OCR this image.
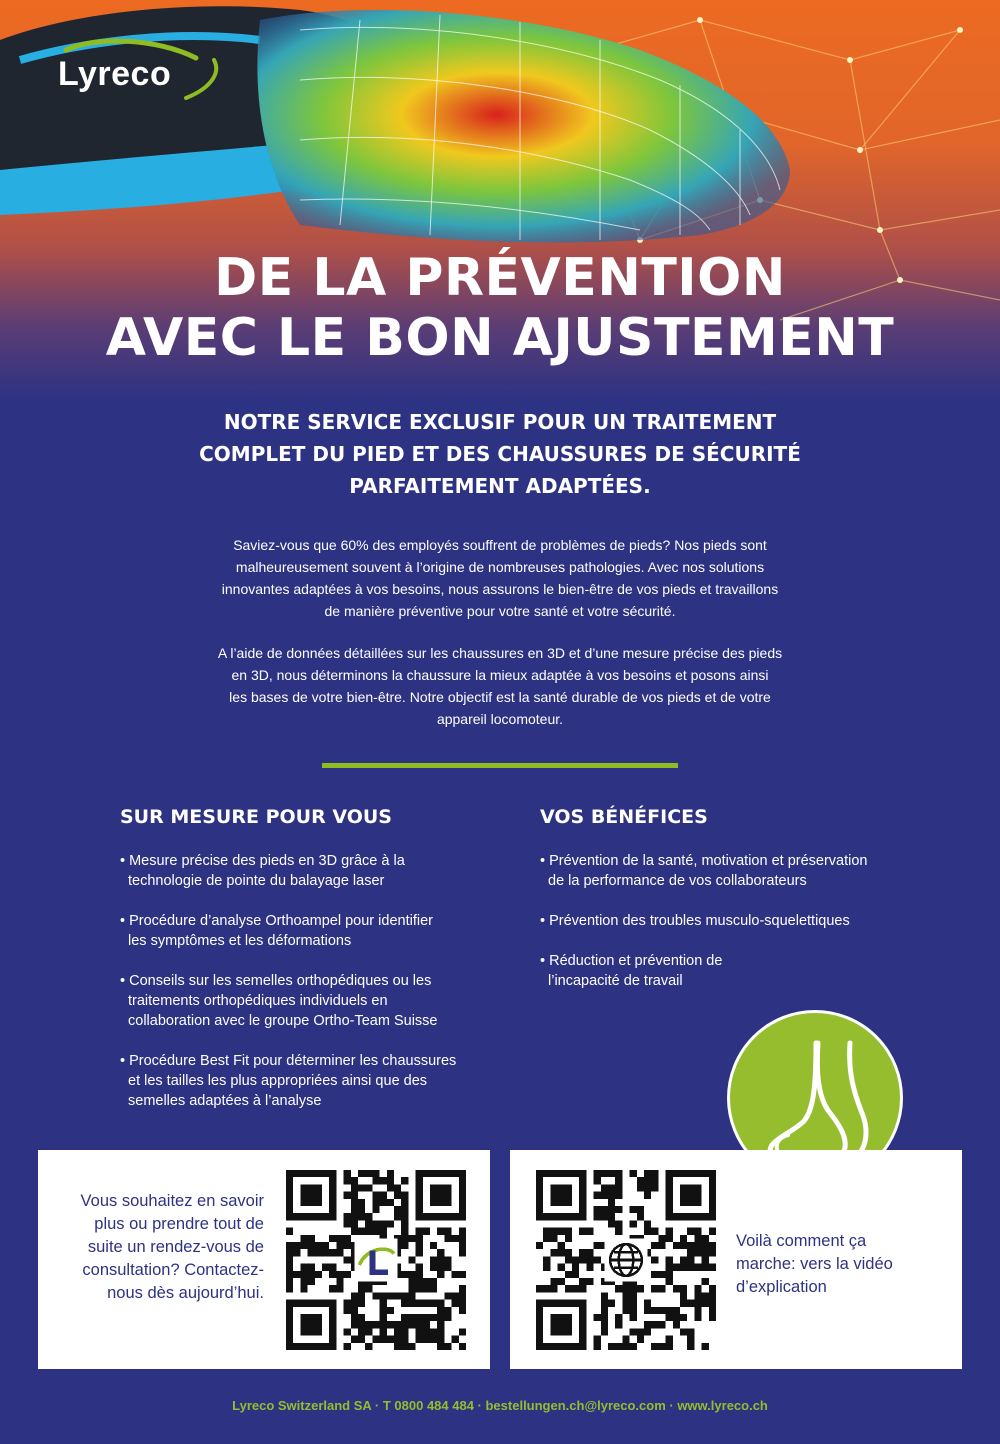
Lyreco
DE LA PRÉVENTION
AVEC LE BON AJUSTEMENT
NOTRE SERVICE EXCLUSIF POUR UN TRAITEMENT
COMPLET DU PIED ET DES CHAUSSURES DE SÉCURITÉ
PARFAITEMENT ADAPTÉES.
Saviez-vous que 60% des employés souffrent de problèmes de pieds? Nos pieds sont
malheureusement souvent à l’origine de nombreuses pathologies. Avec nos solutions
innovantes adaptées à vos besoins, nous assurons le bien-être de vos pieds et travaillons
de manière préventive pour votre santé et votre sécurité.
A l’aide de données détaillées sur les chaussures en 3D et d’une mesure précise des pieds
en 3D, nous déterminons la chaussure la mieux adaptée à vos besoins et posons ainsi
les bases de votre bien-être. Notre objectif est la santé durable de vos pieds et de votre
appareil locomoteur.
SUR MESURE POUR VOUS
• Mesure précise des pieds en 3D grâce à la
technologie de pointe du balayage laser
• Procédure d’analyse Orthoampel pour identifier
les symptômes et les déformations
• Conseils sur les semelles orthopédiques ou les
traitements orthopédiques individuels en
collaboration avec le groupe Ortho-Team Suisse
• Procédure Best Fit pour déterminer les chaussures
et les tailles les plus appropriées ainsi que des
semelles adaptées à l’analyse
VOS BÉNÉFICES
• Prévention de la santé, motivation et préservation
de la performance de vos collaborateurs
• Prévention des troubles musculo-squelettiques
• Réduction et prévention de
l’incapacité de travail
Vous souhaitez en savoir
plus ou prendre tout de
suite un rendez-vous de
consultation? Contactez-
nous dès aujourd’hui.
Voilà comment ça
marche: vers la vidéo
d’explication
Lyreco Switzerland SA · T 0800 484 484 · bestellungen.ch@lyreco.com · www.lyreco.ch
